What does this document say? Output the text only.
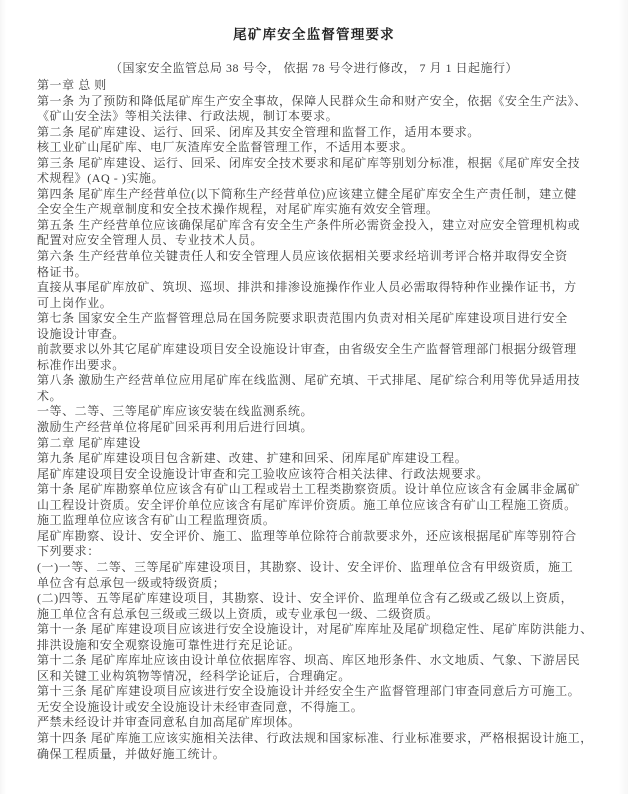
尾矿库安全监督管理要求
（国家安全监管总局 38 号令， 依据 78 号令进行修改， 7 月 1 日起施行）
第一章 总 则
第一条 为了预防和降低尾矿库生产安全事故，保障人民群众生命和财产安全，依据《安全生产法》、
《矿山安全法》等相关法律、行政法规，制订本要求。
第二条 尾矿库建设、运行、回采、闭库及其安全管理和监督工作，适用本要求。
核工业矿山尾矿库、电厂灰渣库安全监督管理工作，不适用本要求。
第三条 尾矿库建设、运行、回采、闭库安全技术要求和尾矿库等别划分标准，根据《尾矿库安全技
术规程》(AQ - )实施。
第四条 尾矿库生产经营单位(以下简称生产经营单位)应该建立健全尾矿库安全生产责任制，建立健
全安全生产规章制度和安全技术操作规程，对尾矿库实施有效安全管理。
第五条 生产经营单位应该确保尾矿库含有安全生产条件所必需资金投入，建立对应安全管理机构或
配置对应安全管理人员、专业技术人员。
第六条 生产经营单位关键责任人和安全管理人员应该依据相关要求经培训考评合格并取得安全资
格证书。
直接从事尾矿库放矿、筑坝、巡坝、排洪和排渗设施操作作业人员必需取得特种作业操作证书，方
可上岗作业。
第七条 国家安全生产监督管理总局在国务院要求职责范围内负责对相关尾矿库建设项目进行安全
设施设计审查。
前款要求以外其它尾矿库建设项目安全设施设计审查，由省级安全生产监督管理部门根据分级管理
标准作出要求。
第八条 激励生产经营单位应用尾矿库在线监测、尾矿充填、干式排尾、尾矿综合利用等优异适用技
术。
一等、二等、三等尾矿库应该安装在线监测系统。
激励生产经营单位将尾矿回采再利用后进行回填。
第二章 尾矿库建设
第九条 尾矿库建设项目包含新建、改建、扩建和回采、闭库尾矿库建设工程。
尾矿库建设项目安全设施设计审查和完工验收应该符合相关法律、行政法规要求。
第十条 尾矿库勘察单位应该含有矿山工程或岩土工程类勘察资质。设计单位应该含有金属非金属矿
山工程设计资质。安全评价单位应该含有尾矿库评价资质。施工单位应该含有矿山工程施工资质。
施工监理单位应该含有矿山工程监理资质。
尾矿库勘察、设计、安全评价、施工、监理等单位除符合前款要求外，还应该根据尾矿库等别符合
下列要求：
(一)一等、二等、三等尾矿库建设项目，其勘察、设计、安全评价、监理单位含有甲级资质，施工
单位含有总承包一级或特级资质；
(二)四等、五等尾矿库建设项目，其勘察、设计、安全评价、监理单位含有乙级或乙级以上资质，
施工单位含有总承包三级或三级以上资质，或专业承包一级、二级资质。
第十一条 尾矿库建设项目应该进行安全设施设计，对尾矿库库址及尾矿坝稳定性、尾矿库防洪能力、
排洪设施和安全观察设施可靠性进行充足论证。
第十二条 尾矿库库址应该由设计单位依据库容、坝高、库区地形条件、水文地质、气象、下游居民
区和关键工业构筑物等情况，经科学论证后，合理确定。
第十三条 尾矿库建设项目应该进行安全设施设计并经安全生产监督管理部门审查同意后方可施工。
无安全设施设计或安全设施设计未经审查同意，不得施工。
严禁未经设计并审查同意私自加高尾矿库坝体。
第十四条 尾矿库施工应该实施相关法律、行政法规和国家标准、行业标准要求，严格根据设计施工，
确保工程质量，并做好施工统计。
